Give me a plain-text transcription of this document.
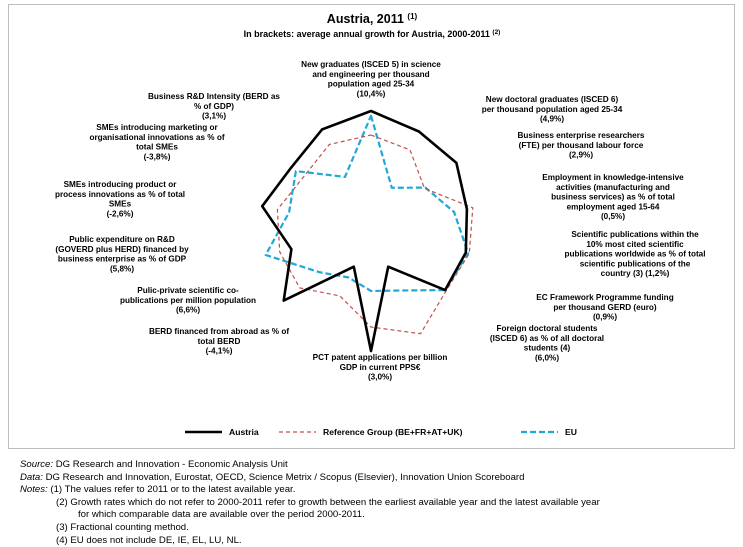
Austria, 2011 $^{(1)}$
In brackets: average annual growth for Austria, 2000-2011 $^{(2)}$
New graduates (ISCED 5) in science
and engineering per thousand
population aged 25-34
(10,4%)
New doctoral graduates (ISCED 6)
per thousand population aged 25-34
(4,9%)
Business enterprise researchers
(FTE) per thousand labour force
(2,9%)
Employment in knowledge-intensive
activities (manufacturing and
business services) as % of total
employment aged 15-64
(0,5%)
Scientific publications within the
10% most cited scientific
publications worldwide as % of total
scientific publications of the
country (3) (1,2%)
EC Framework Programme funding
per thousand GERD (euro)
(0,9%)
Foreign doctoral students
(ISCED 6) as % of all doctoral
students (4)
(6,0%)
PCT patent applications per billion
GDP in current PPS€
(3,0%)
BERD financed from abroad as % of
total BERD
(-4,1%)
Pulic-private scientific co-
publications per million population
(6,6%)
Public expenditure on R&D
(GOVERD plus HERD) financed by
business enterprise as % of GDP
(5,8%)
SMEs introducing product or
process innovations as % of total
SMEs
(-2,6%)
SMEs introducing marketing or
organisational innovations as % of
total SMEs
(-3,8%)
Business R&D Intensity (BERD as
% of GDP)
(3,1%)
Austria	Reference Group (BE+FR+AT+UK)	EU
Source: DG Research and Innovation - Economic Analysis Unit
Data: DG Research and Innovation, Eurostat, OECD, Science Metrix / Scopus (Elsevier), Innovation Union Scoreboard
Notes: (1) The values refer to 2011 or to the latest available year.
(2) Growth rates which do not refer to 2000-2011 refer to growth between the earliest available year and the latest available year
for which comparable data are available over the period 2000-2011.
(3) Fractional counting method.
(4) EU does not include DE, IE, EL, LU, NL.
